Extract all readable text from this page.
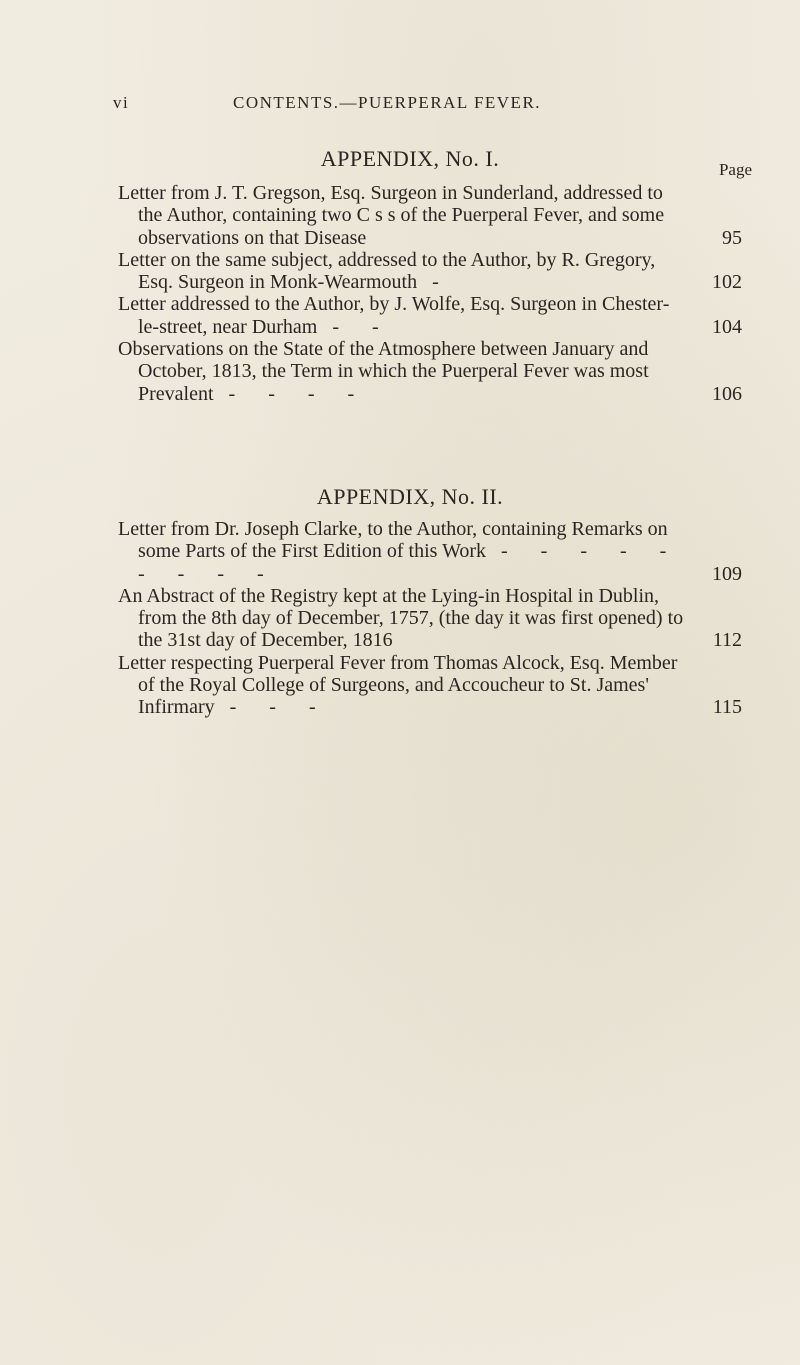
vi	CONTENTS.—PUERPERAL FEVER.
APPENDIX, No. I.	Page
Letter from J. T. Gregson, Esq. Surgeon in Sunderland, addressed to the Author, containing two C s s of the Puerperal Fever, and some observations on that Disease	95
Letter on the same subject, addressed to the Author, by R. Gregory, Esq. Surgeon in Monk-Wearmouth -	102
Letter addressed to the Author, by J. Wolfe, Esq. Surgeon in Chester-le-street, near Durham - -	104
Observations on the State of the Atmosphere between January and October, 1813, the Term in which the Puerperal Fever was most Prevalent - - - -	106
APPENDIX, No. II.
Letter from Dr. Joseph Clarke, to the Author, containing Remarks on some Parts of the First Edition of this Work - - - - - - - - -	109
An Abstract of the Registry kept at the Lying-in Hospital in Dublin, from the 8th day of December, 1757, (the day it was first opened) to the 31st day of December, 1816	112
Letter respecting Puerperal Fever from Thomas Alcock, Esq. Member of the Royal College of Surgeons, and Accoucheur to St. James' Infirmary - - -	115
